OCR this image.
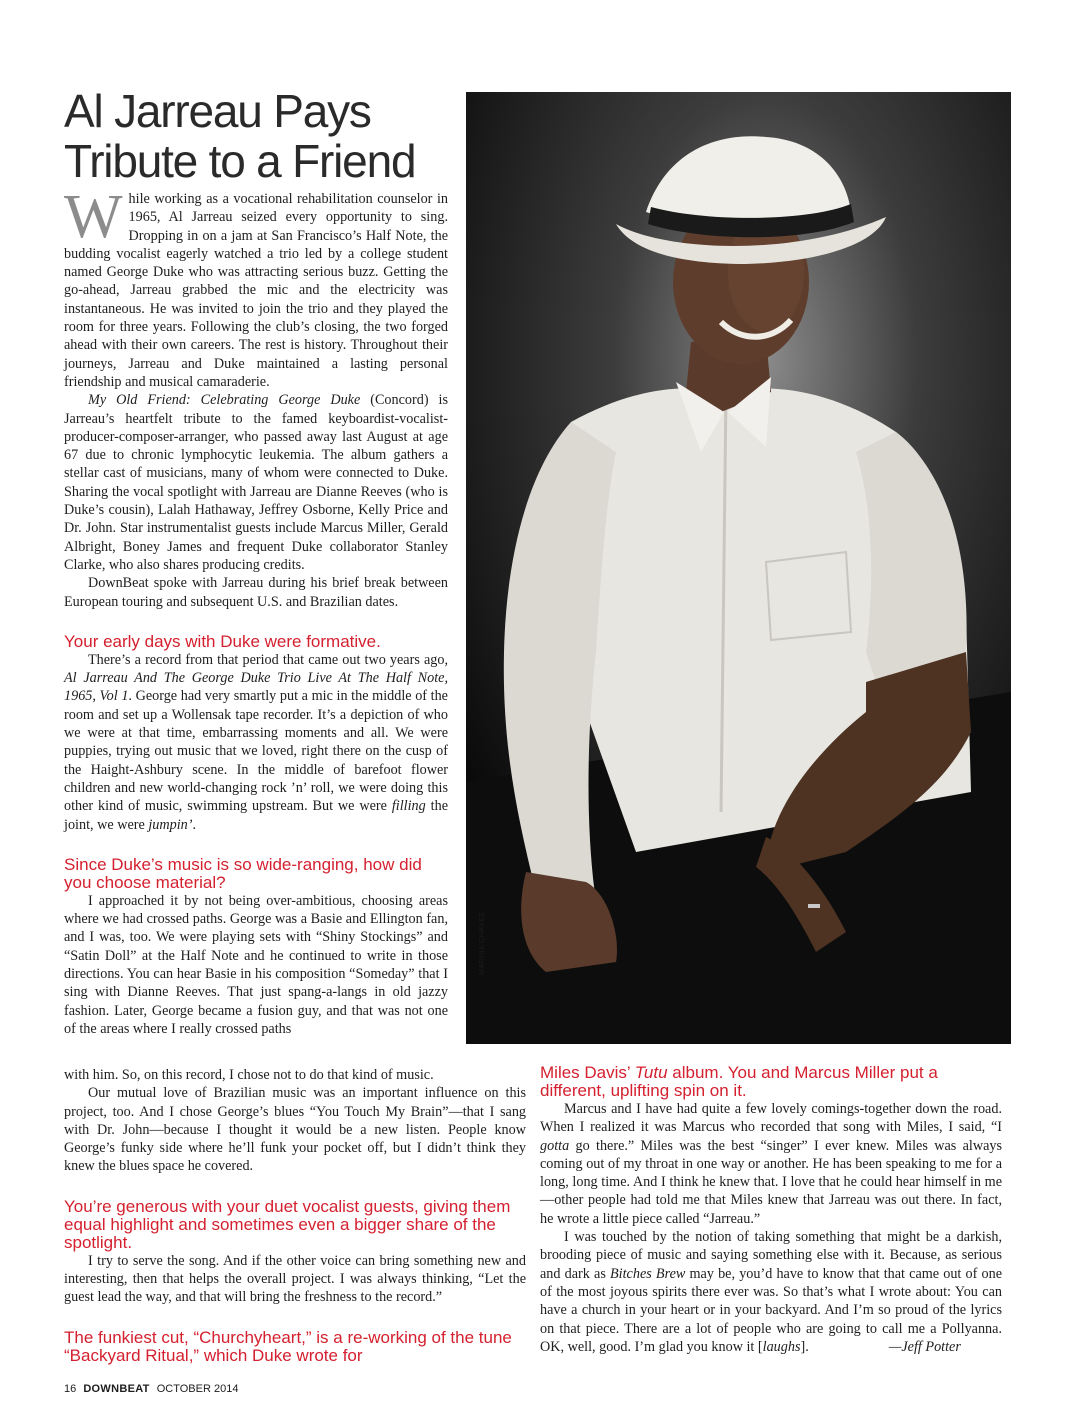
Al Jarreau Pays
Tribute to a Friend

While working as a vocational rehabilitation counselor in 1965, Al Jarreau seized every opportunity to sing. Dropping in on a jam at San Francisco’s Half Note, the budding vocalist eagerly watched a trio led by a college student named George Duke who was attracting serious buzz. Getting the go-ahead, Jarreau grabbed the mic and the electricity was instantaneous. He was invited to join the trio and they played the room for three years. Following the club’s closing, the two forged ahead with their own careers. The rest is history. Throughout their journeys, Jarreau and Duke maintained a lasting personal friendship and musical camaraderie.

My Old Friend: Celebrating George Duke (Concord) is Jarreau’s heartfelt tribute to the famed keyboardist-vocalist-producer-composer-arranger, who passed away last August at age 67 due to chronic lymphocytic leukemia. The album gathers a stellar cast of musicians, many of whom were connected to Duke. Sharing the vocal spotlight with Jarreau are Dianne Reeves (who is Duke’s cousin), Lalah Hathaway, Jeffrey Osborne, Kelly Price and Dr. John. Star instrumentalist guests include Marcus Miller, Gerald Albright, Boney James and frequent Duke collaborator Stanley Clarke, who also shares producing credits.

DownBeat spoke with Jarreau during his brief break between European touring and subsequent U.S. and Brazilian dates.

Your early days with Duke were formative.

There’s a record from that period that came out two years ago, Al Jarreau And The George Duke Trio Live At The Half Note, 1965, Vol 1. George had very smartly put a mic in the middle of the room and set up a Wollensak tape recorder. It’s a depiction of who we were at that time, embarrassing moments and all. We were puppies, trying out music that we loved, right there on the cusp of the Haight-Ashbury scene. In the middle of barefoot flower children and new world-changing rock ’n’ roll, we were doing this other kind of music, swimming upstream. But we were filling the joint, we were jumpin’.

Since Duke’s music is so wide-ranging, how did you choose material?

I approached it by not being over-ambitious, choosing areas where we had crossed paths. George was a Basie and Ellington fan, and I was, too. We were playing sets with “Shiny Stockings” and “Satin Doll” at the Half Note and he continued to write in those directions. You can hear Basie in his composition “Someday” that I sing with Dianne Reeves. That just spang-a-langs in old jazzy fashion. Later, George became a fusion guy, and that was not one of the areas where I really crossed paths

MARINA CHAVEZ

with him. So, on this record, I chose not to do that kind of music.

Our mutual love of Brazilian music was an important influence on this project, too. And I chose George’s blues “You Touch My Brain”—that I sang with Dr. John—because I thought it would be a new listen. People know George’s funky side where he’ll funk your pocket off, but I didn’t think they knew the blues space he covered.

You’re generous with your duet vocalist guests, giving them equal highlight and sometimes even a bigger share of the spotlight.

I try to serve the song. And if the other voice can bring something new and interesting, then that helps the overall project. I was always thinking, “Let the guest lead the way, and that will bring the freshness to the record.”

The funkiest cut, “Churchyheart,” is a re-working of the tune “Backyard Ritual,” which Duke wrote for

Miles Davis’ Tutu album. You and Marcus Miller put a different, uplifting spin on it.

Marcus and I have had quite a few lovely comings-together down the road. When I realized it was Marcus who recorded that song with Miles, I said, “I gotta go there.” Miles was the best “singer” I ever knew. Miles was always coming out of my throat in one way or another. He has been speaking to me for a long, long time. And I think he knew that. I love that he could hear himself in me—other people had told me that Miles knew that Jarreau was out there. In fact, he wrote a little piece called “Jarreau.”

I was touched by the notion of taking something that might be a darkish, brooding piece of music and saying something else with it. Because, as serious and dark as Bitches Brew may be, you’d have to know that that came out of one of the most joyous spirits there ever was. So that’s what I wrote about: You can have a church in your heart or in your backyard. And I’m so proud of the lyrics on that piece. There are a lot of people who are going to call me a Pollyanna. OK, well, good. I’m glad you know it [laughs].	—Jeff Potter

16 DOWNBEAT OCTOBER 2014
